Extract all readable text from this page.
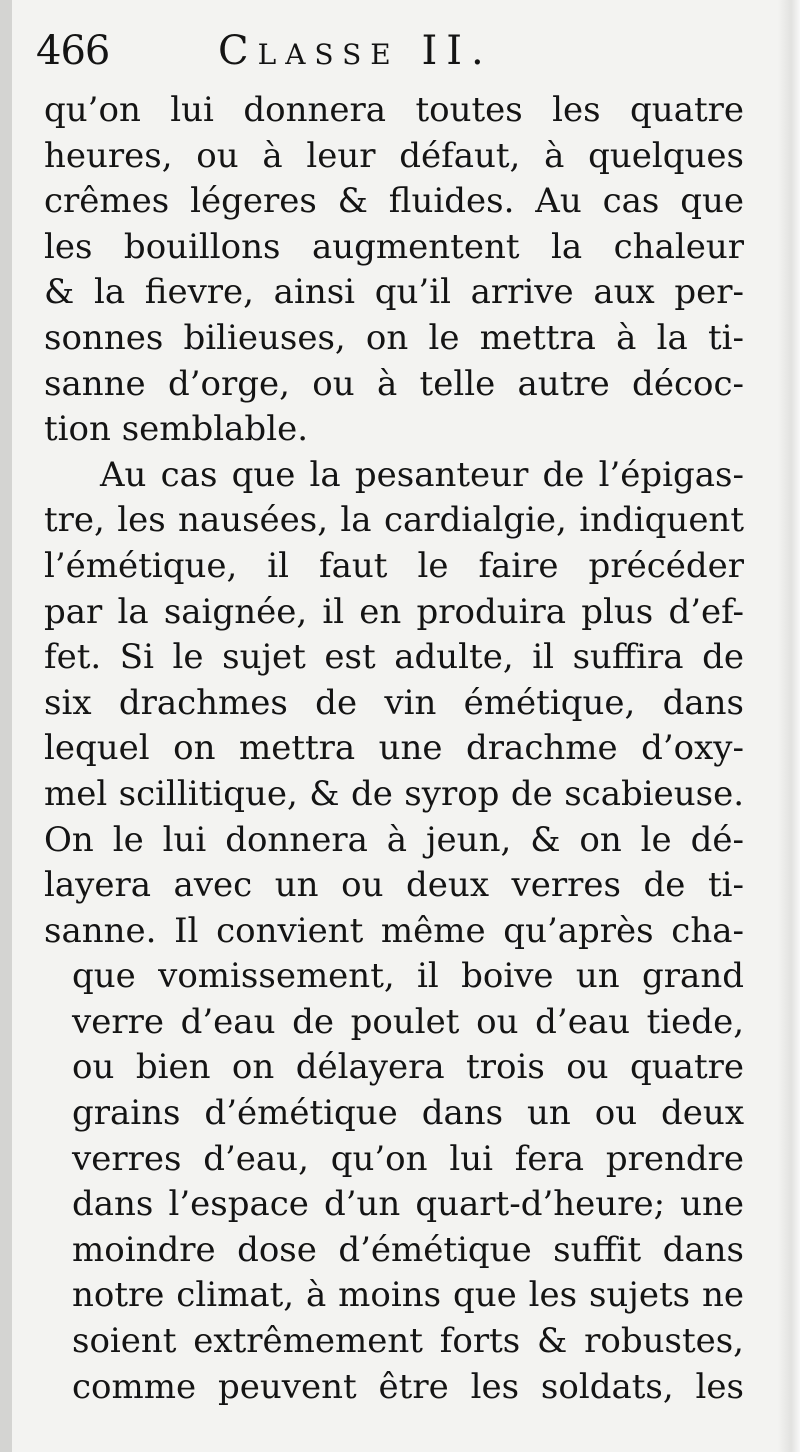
466	Classe II.
qu’on lui donnera toutes les quatre
heures, ou à leur défaut, à quelques
crêmes légeres & fluides. Au cas que
les bouillons augmentent la chaleur
& la fievre, ainsi qu’il arrive aux per-
sonnes bilieuses, on le mettra à la ti-
sanne d’orge, ou à telle autre décoc-
tion semblable.
Au cas que la pesanteur de l’épigas-
tre, les nausées, la cardialgie, indiquent
l’émétique, il faut le faire précéder
par la saignée, il en produira plus d’ef-
fet. Si le sujet est adulte, il suffira de
six drachmes de vin émétique, dans
lequel on mettra une drachme d’oxy-
mel scillitique, & de syrop de scabieuse.
On le lui donnera à jeun, & on le dé-
layera avec un ou deux verres de ti-
sanne. Il convient même qu’après cha-
que vomissement, il boive un grand
verre d’eau de poulet ou d’eau tiede,
ou bien on délayera trois ou quatre
grains d’émétique dans un ou deux
verres d’eau, qu’on lui fera prendre
dans l’espace d’un quart-d’heure; une
moindre dose d’émétique suffit dans
notre climat, à moins que les sujets ne
soient extrêmement forts & robustes,
comme peuvent être les soldats, les
